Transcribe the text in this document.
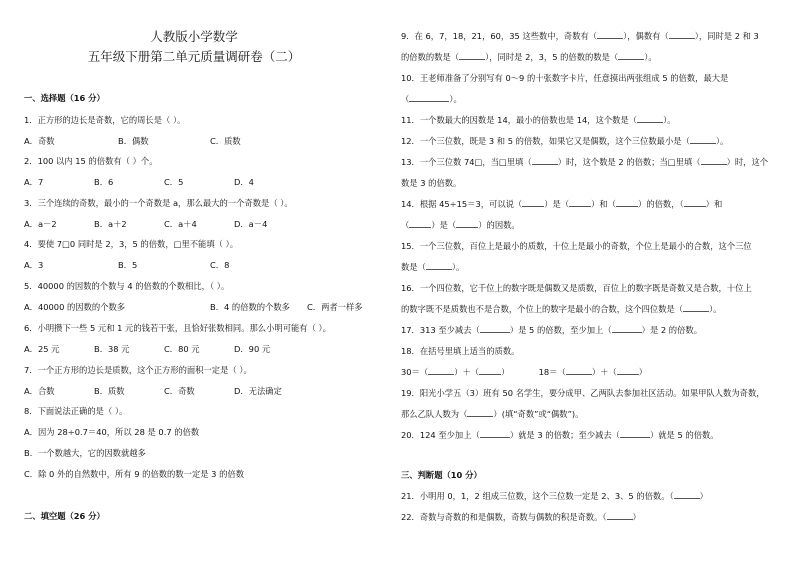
人教版小学数学
五年级下册第二单元质量调研卷（二）
一、选择题（16 分）
1．正方形的边长是奇数，它的周长是（ ）。
A．奇数	B．偶数	C．质数
2．100 以内 15 的倍数有（ ）个。
A．7	B．6	C．5	D．4
3．三个连续的奇数，最小的一个奇数是 a，那么最大的一个奇数是（ ）。
A．a－2	B．a＋2	C．a＋4	D．a－4
4．要使 7□0 同时是 2，3，5 的倍数，□里不能填（ ）。
A．3	B．5	C．8
5．40000 的因数的个数与 4 的倍数的个数相比，（ ）。
A．40000 的因数的个数多	B．4 的倍数的个数多 C．两者一样多
6．小明攒下一些 5 元和 1 元的钱若干张，且恰好张数相同。那么小明可能有（ ）。
A．25 元	B．38 元	C．80 元	D．90 元
7．一个正方形的边长是质数，这个正方形的面积一定是（ ）。
A．合数	B．质数	C．奇数	D．无法确定
8．下面说法正确的是（ ）。
A．因为 28÷0.7＝40，所以 28 是 0.7 的倍数
B．一个数越大，它的因数就越多
C．除 0 外的自然数中，所有 9 的倍数的数一定是 3 的倍数
二、填空题（26 分）
9．在 6，7，18，21，60，35 这些数中，奇数有（	），偶数有（	），同时是 2 和 3
的倍数的数是（	），同时是 2，3，5 的倍数的数是（	）。
10．王老师准备了分别写有 0～9 的十张数字卡片，任意摸出两张组成 5 的倍数，最大是
（	）。
11．一个数最大的因数是 14，最小的倍数也是 14，这个数是（	）。
12．一个三位数，既是 3 和 5 的倍数，如果它又是偶数，这个三位数最小是（	）。
13．一个三位数 74□，当□里填（	）时，这个数是 2 的倍数；当□里填（	）时，这个
数是 3 的倍数。
14．根据 45÷15＝3，可以说（	）是（	）和（	）的倍数，（	）和
（	）是（	）的因数。
15．一个三位数，百位上是最小的质数，十位上是最小的奇数，个位上是最小的合数，这个三位
数是（	）。
16．一个四位数，它千位上的数字既是偶数又是质数，百位上的数字既是奇数又是合数，十位上
的数字既不是质数也不是合数，个位上的数字是最小的合数，这个四位数是（	）。
17．313 至少减去（	）是 5 的倍数，至少加上（	）是 2 的倍数。
18．在括号里填上适当的质数。
30＝（	）＋（	）	18＝（	）＋（	）
19．阳光小学五（3）班有 50 名学生，要分成甲、乙两队去参加社区活动。如果甲队人数为奇数，
那么乙队人数为（	）(填“奇数”或“偶数”)。
20．124 至少加上（	）就是 3 的倍数；至少减去（	）就是 5 的倍数。
三、判断题（10 分）
21．小明用 0，1，2 组成三位数，这个三位数一定是 2、3、5 的倍数。（	）
22．奇数与奇数的和是偶数，奇数与偶数的积是奇数。（	）
